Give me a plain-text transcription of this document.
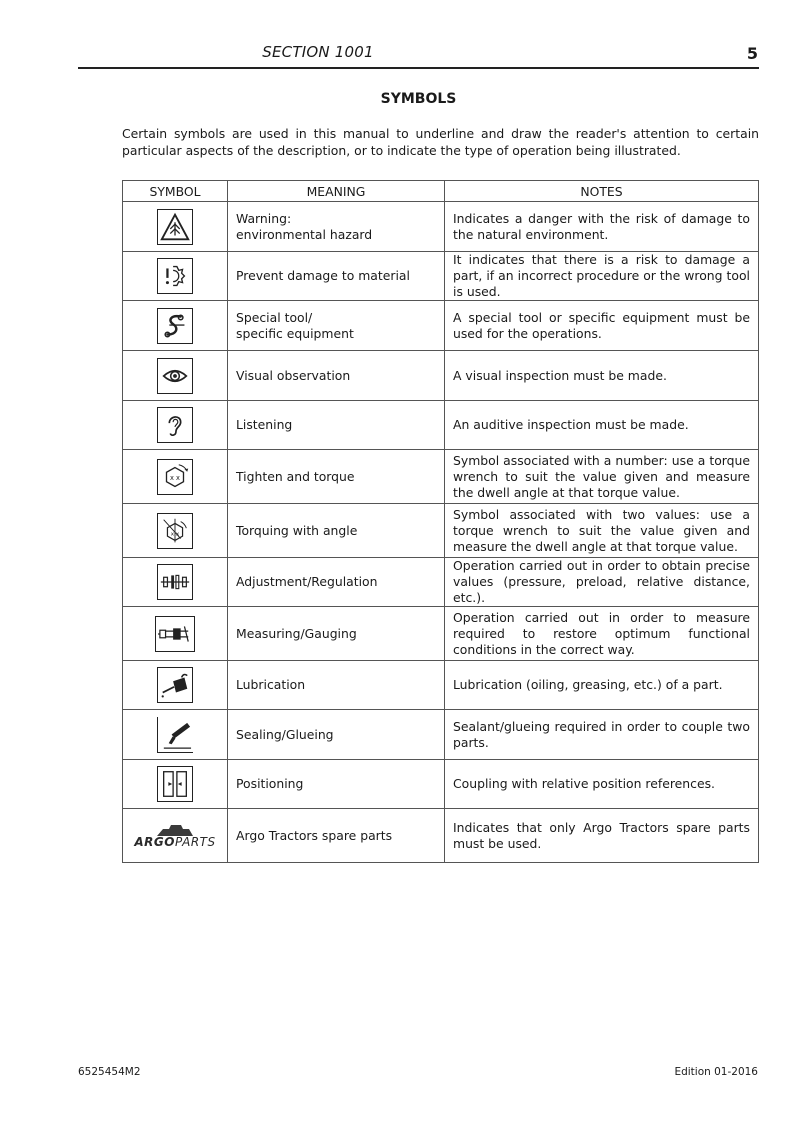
SECTION 1001	5
SYMBOLS
Certain symbols are used in this manual to underline and draw the reader's attention to certain particular aspects of the description, or to indicate the type of operation being illustrated.
SYMBOL	MEANING	NOTES

Warning:
environmental hazard	Indicates a danger with the risk of damage to the natural environment.

Prevent damage to material	It indicates that there is a risk to damage a part, if an incorrect procedure or the wrong tool is used.

Special tool/
specific equipment	A special tool or specific equipment must be used for the operations.

Visual observation	A visual inspection must be made.

Listening	An auditive inspection must be made.

x x	Tighten and torque	Symbol associated with a number: use a torque wrench to suit the value given and measure the dwell angle at that torque value.

x x	Torquing with angle	Symbol associated with two values: use a torque wrench to suit the value given and measure the dwell angle at that torque value.

Adjustment/Regulation	Operation carried out in order to obtain precise values (pressure, preload, relative distance, etc.).

Measuring/Gauging	Operation carried out in order to measure required to restore optimum functional conditions in the correct way.

Lubrication	Lubrication (oiling, greasing, etc.) of a part.

Sealing/Glueing	Sealant/glueing required in order to couple two parts.

Positioning	Coupling with relative position references.

ARGOPARTS	Argo Tractors spare parts	Indicates that only Argo Tractors spare parts must be used.
6525454M2	Edition 01-2016
